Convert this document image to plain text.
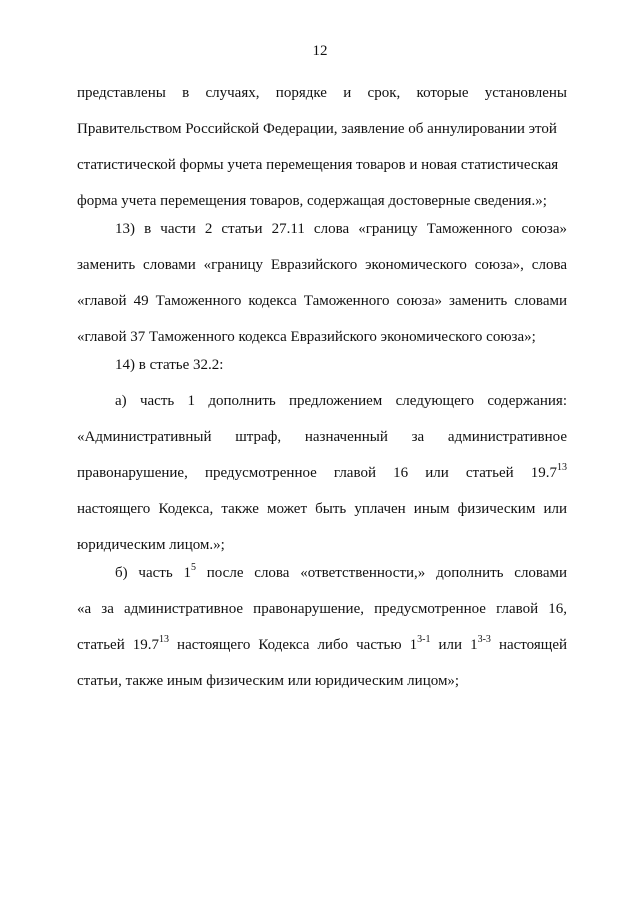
12
представлены в случаях, порядке и срок, которые установлены
Правительством Российской Федерации, заявление об аннулировании этой
статистической формы учета перемещения товаров и новая статистическая
форма учета перемещения товаров, содержащая достоверные сведения.»;
13) в части 2 статьи 27.11 слова «границу Таможенного союза»
заменить словами «границу Евразийского экономического союза», слова
«главой 49 Таможенного кодекса Таможенного союза» заменить словами
«главой 37 Таможенного кодекса Евразийского экономического союза»;
14) в статье 32.2:
а) часть 1 дополнить предложением следующего содержания:
«Административный штраф, назначенный за административное
правонарушение, предусмотренное главой 16 или статьей 19.7$^{13}$
настоящего Кодекса, также может быть уплачен иным физическим или
юридическим лицом.»;
б) часть $1^5$ после слова «ответственности,» дополнить словами
«а за административное правонарушение, предусмотренное главой 16,
статьей 19.7$^{13}$ настоящего Кодекса либо частью 1$^{3-1}$ или 1$^{3-3}$ настоящей
статьи, также иным физическим или юридическим лицом»;
